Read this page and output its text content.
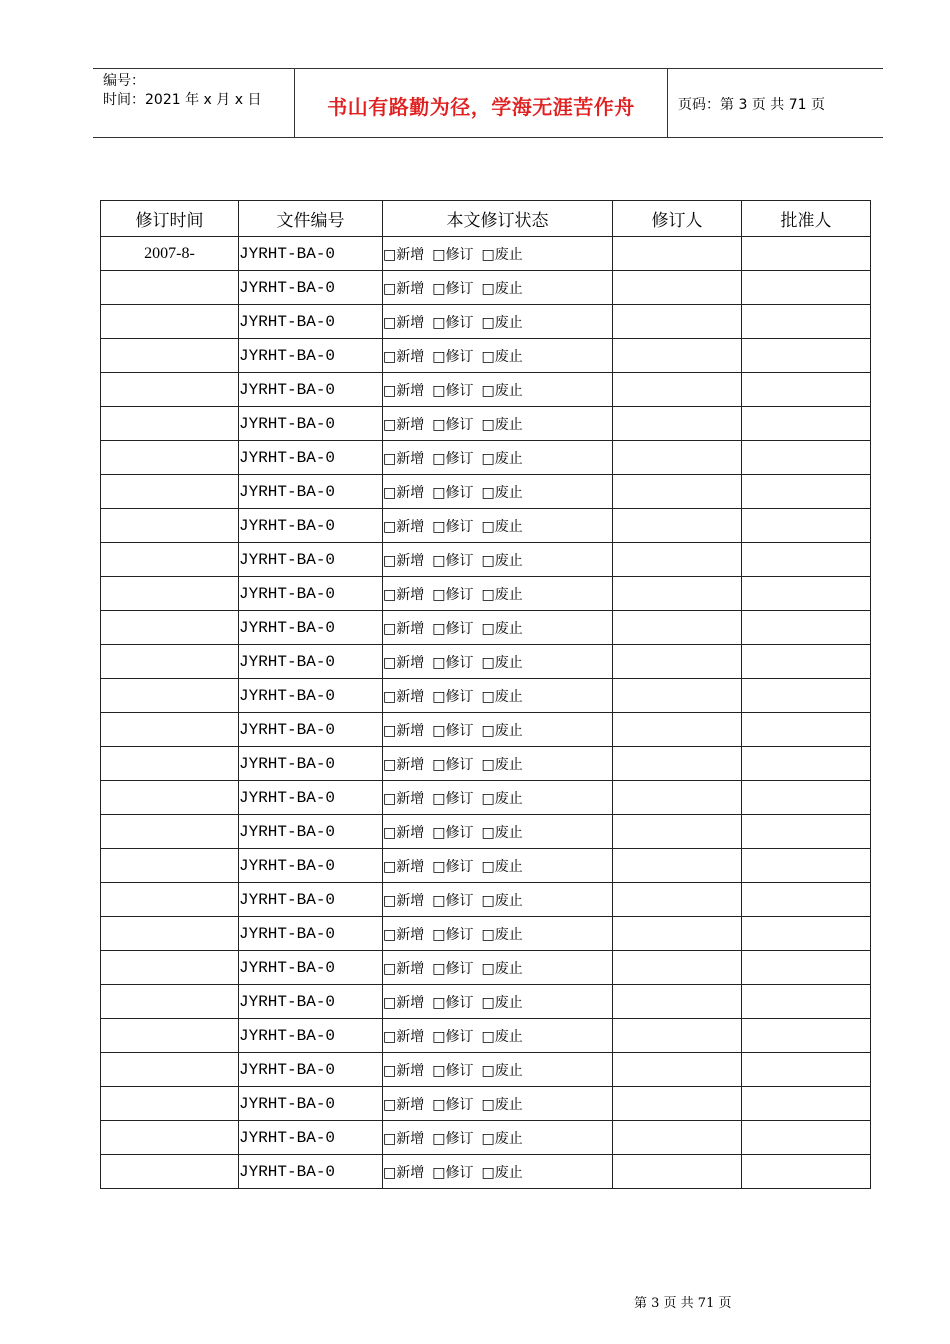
编号：
时间：2021 年 x 月 x 日	书山有路勤为径，学海无涯苦作舟	页码：第 3 页 共 71 页
修订时间	文件编号	本文修订状态	修订人	批准人
2007-8-	JYRHT-BA-0	□新增 □修订 □废止		
	JYRHT-BA-0	□新增 □修订 □废止		
	JYRHT-BA-0	□新增 □修订 □废止		
	JYRHT-BA-0	□新增 □修订 □废止		
	JYRHT-BA-0	□新增 □修订 □废止		
	JYRHT-BA-0	□新增 □修订 □废止		
	JYRHT-BA-0	□新增 □修订 □废止		
	JYRHT-BA-0	□新增 □修订 □废止		
	JYRHT-BA-0	□新增 □修订 □废止		
	JYRHT-BA-0	□新增 □修订 □废止		
	JYRHT-BA-0	□新增 □修订 □废止		
	JYRHT-BA-0	□新增 □修订 □废止		
	JYRHT-BA-0	□新增 □修订 □废止		
	JYRHT-BA-0	□新增 □修订 □废止		
	JYRHT-BA-0	□新增 □修订 □废止		
	JYRHT-BA-0	□新增 □修订 □废止		
	JYRHT-BA-0	□新增 □修订 □废止		
	JYRHT-BA-0	□新增 □修订 □废止		
	JYRHT-BA-0	□新增 □修订 □废止		
	JYRHT-BA-0	□新增 □修订 □废止		
	JYRHT-BA-0	□新增 □修订 □废止		
	JYRHT-BA-0	□新增 □修订 □废止		
	JYRHT-BA-0	□新增 □修订 □废止		
	JYRHT-BA-0	□新增 □修订 □废止		
	JYRHT-BA-0	□新增 □修订 □废止		
	JYRHT-BA-0	□新增 □修订 □废止		
	JYRHT-BA-0	□新增 □修订 □废止		
	JYRHT-BA-0	□新增 □修订 □废止		
第 3 页 共 71 页
